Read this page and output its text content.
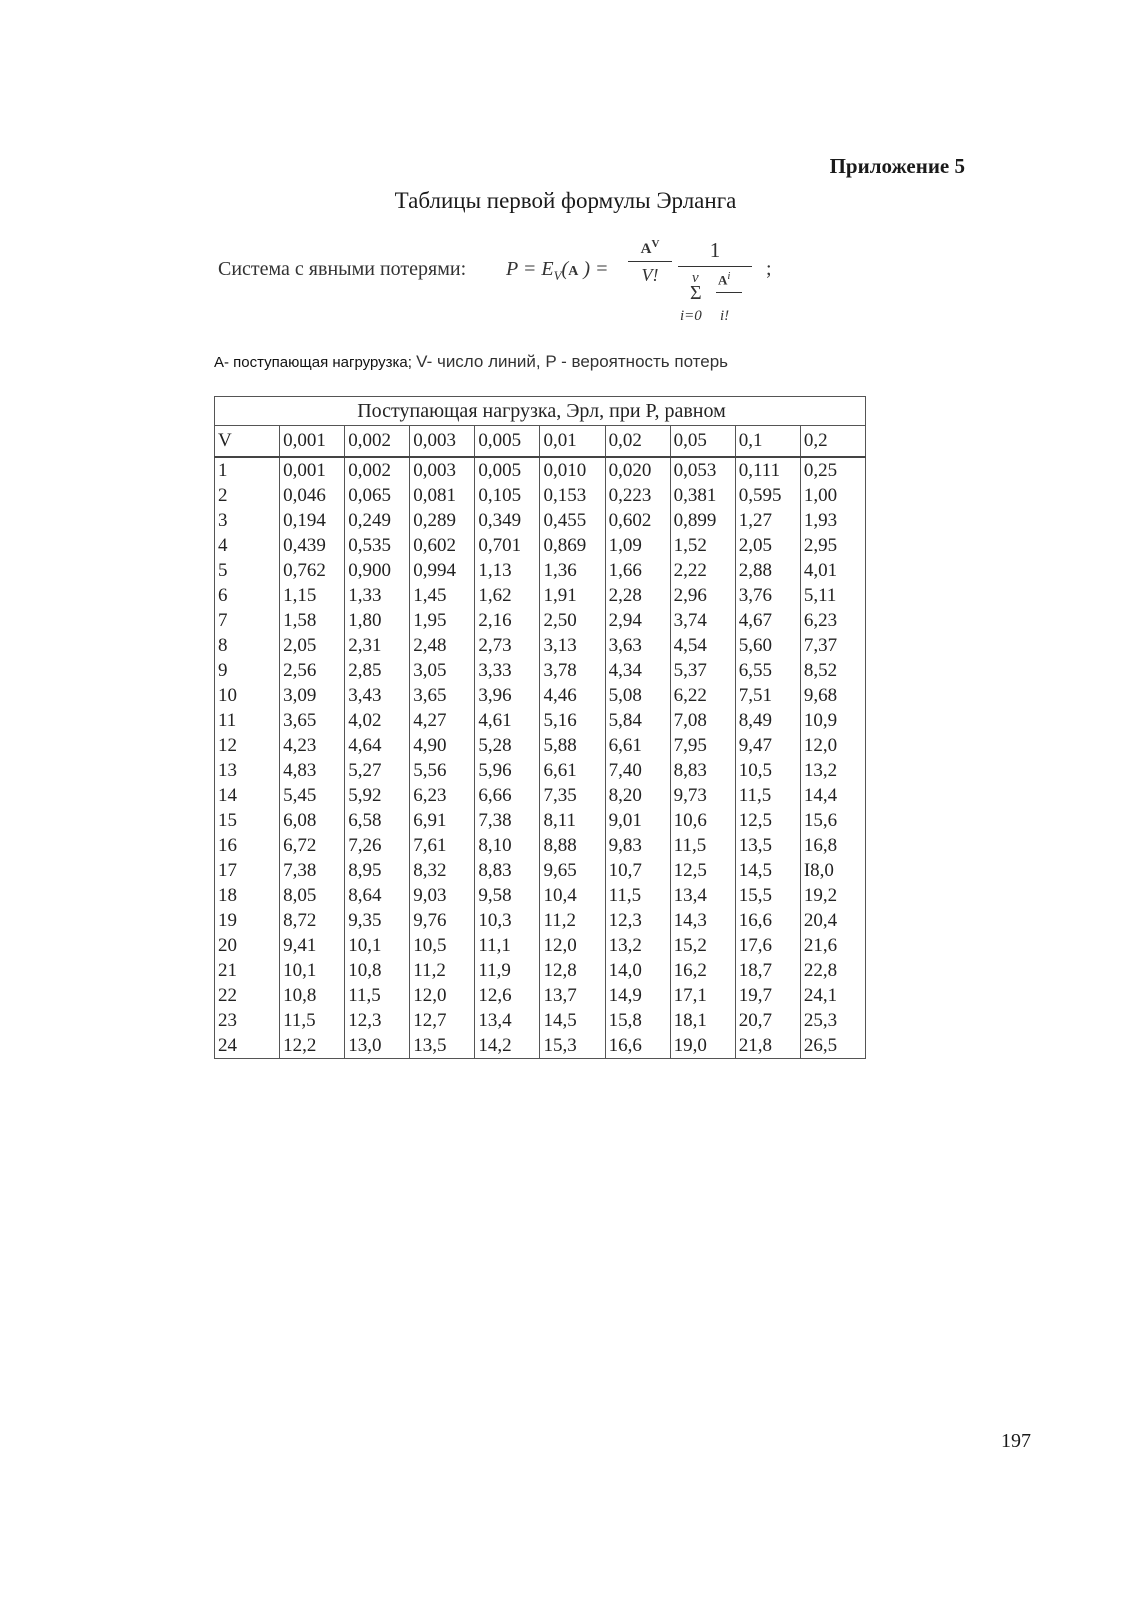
Приложение 5
Таблицы первой формулы Эрланга
Система с явными потерями: $P = E_V(A$ ) =
$A^V$
V!
1
ν
Σ
i=0
$A^i$
i!
;
A- поступающая нагрурузка; V- число линий, P - вероятность потерь
Поступающая нагрузка, Эрл, при P, равном									
V	0,001	0,002	0,003	0,005	0,01	0,02	0,05	0,1	0,2
1	0,001	0,002	0,003	0,005	0,010	0,020	0,053	0,111	0,25
2	0,046	0,065	0,081	0,105	0,153	0,223	0,381	0,595	1,00
3	0,194	0,249	0,289	0,349	0,455	0,602	0,899	1,27	1,93
4	0,439	0,535	0,602	0,701	0,869	1,09	1,52	2,05	2,95
5	0,762	0,900	0,994	1,13	1,36	1,66	2,22	2,88	4,01
6	1,15	1,33	1,45	1,62	1,91	2,28	2,96	3,76	5,11
7	1,58	1,80	1,95	2,16	2,50	2,94	3,74	4,67	6,23
8	2,05	2,31	2,48	2,73	3,13	3,63	4,54	5,60	7,37
9	2,56	2,85	3,05	3,33	3,78	4,34	5,37	6,55	8,52
10	3,09	3,43	3,65	3,96	4,46	5,08	6,22	7,51	9,68
11	3,65	4,02	4,27	4,61	5,16	5,84	7,08	8,49	10,9
12	4,23	4,64	4,90	5,28	5,88	6,61	7,95	9,47	12,0
13	4,83	5,27	5,56	5,96	6,61	7,40	8,83	10,5	13,2
14	5,45	5,92	6,23	6,66	7,35	8,20	9,73	11,5	14,4
15	6,08	6,58	6,91	7,38	8,11	9,01	10,6	12,5	15,6
16	6,72	7,26	7,61	8,10	8,88	9,83	11,5	13,5	16,8
17	7,38	8,95	8,32	8,83	9,65	10,7	12,5	14,5	I8,0
18	8,05	8,64	9,03	9,58	10,4	11,5	13,4	15,5	19,2
19	8,72	9,35	9,76	10,3	11,2	12,3	14,3	16,6	20,4
20	9,41	10,1	10,5	11,1	12,0	13,2	15,2	17,6	21,6
21	10,1	10,8	11,2	11,9	12,8	14,0	16,2	18,7	22,8
22	10,8	11,5	12,0	12,6	13,7	14,9	17,1	19,7	24,1
23	11,5	12,3	12,7	13,4	14,5	15,8	18,1	20,7	25,3
24	12,2	13,0	13,5	14,2	15,3	16,6	19,0	21,8	26,5
197
